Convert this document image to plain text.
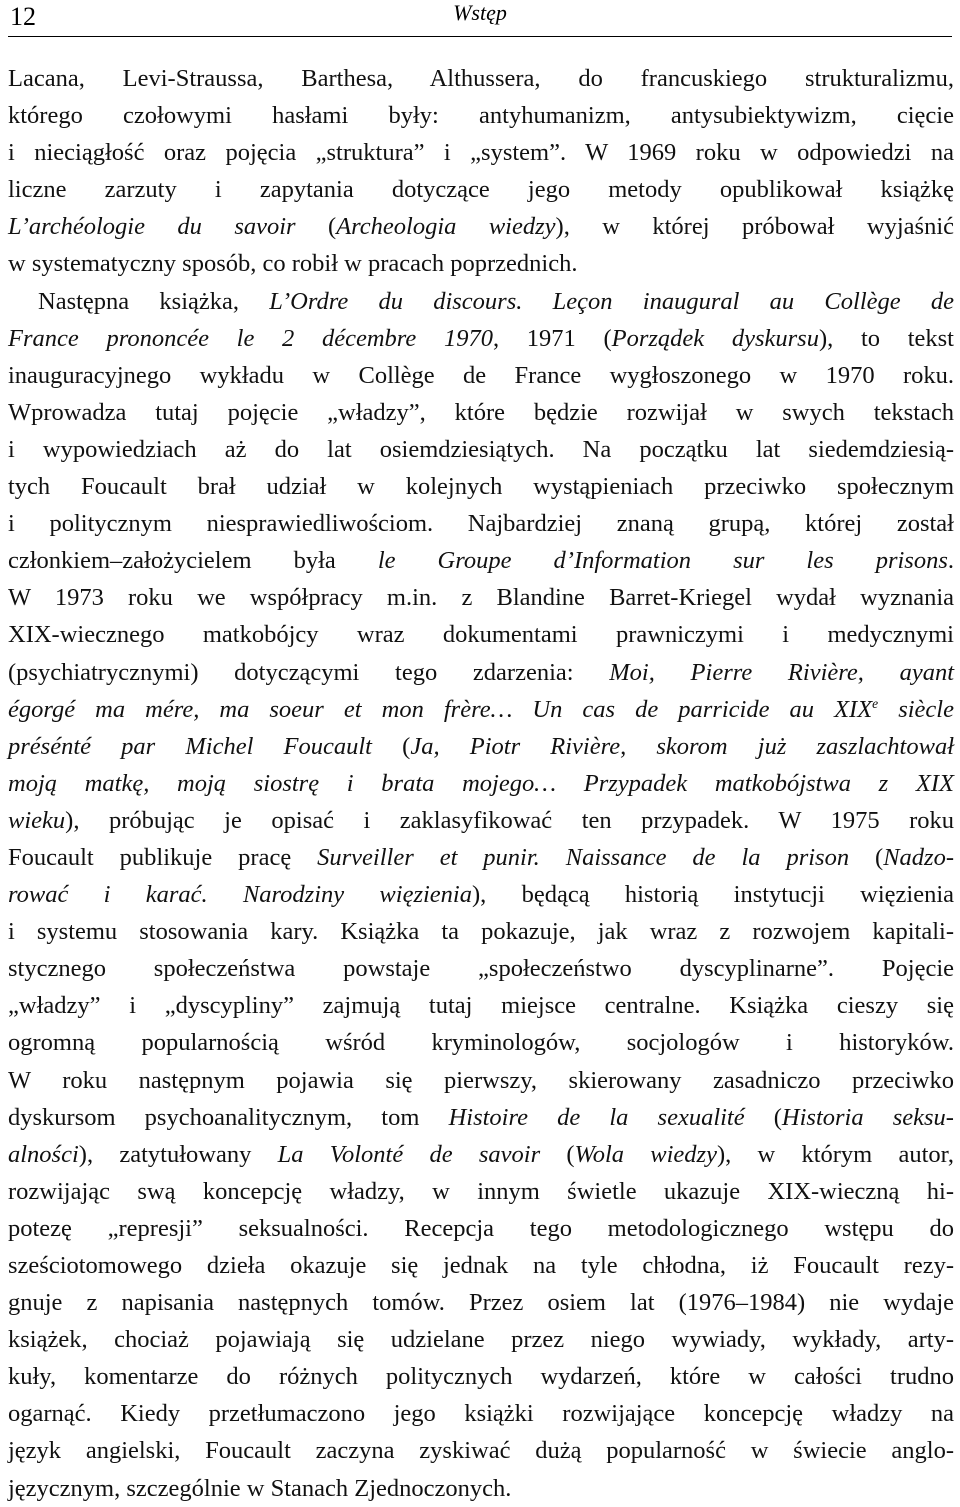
12	Wstęp
Lacana, Levi-Straussa, Barthesa, Althussera, do francuskiego strukturalizmu,
którego czołowymi hasłami były: antyhumanizm, antysubiektywizm, cięcie
i nieciągłość oraz pojęcia „struktura” i „system”. W 1969 roku w odpowiedzi na
liczne zarzuty i zapytania dotyczące jego metody opublikował książkę
L’archéologie du savoir (Archeologia wiedzy), w której próbował wyjaśnić
w systematyczny sposób, co robił w pracach poprzednich.
Następna książka, L’Ordre du discours. Leçon inaugural au Collège de
France prononcée le 2 décembre 1970, 1971 (Porządek dyskursu), to tekst
inauguracyjnego wykładu w Collège de France wygłoszonego w 1970 roku.
Wprowadza tutaj pojęcie „władzy”, które będzie rozwijał w swych tekstach
i wypowiedziach aż do lat osiemdziesiątych. Na początku lat siedemdziesią-
tych Foucault brał udział w kolejnych wystąpieniach przeciwko społecznym
i politycznym niesprawiedliwościom. Najbardziej znaną grupą, której został
członkiem–założycielem była le Groupe d’Information sur les prisons.
W 1973 roku we współpracy m.in. z Blandine Barret-Kriegel wydał wyznania
XIX-wiecznego matkobójcy wraz dokumentami prawniczymi i medycznymi
(psychiatrycznymi) dotyczącymi tego zdarzenia: Moi, Pierre Rivière, ayant
égorgé ma mére, ma soeur et mon frère… Un cas de parricide au XIXe siècle
présénté par Michel Foucault (Ja, Piotr Rivière, skorom już zaszlachtował
moją matkę, moją siostrę i brata mojego… Przypadek matkobójstwa z XIX
wieku), próbując je opisać i zaklasyfikować ten przypadek. W 1975 roku
Foucault publikuje pracę Surveiller et punir. Naissance de la prison (Nadzo-
rować i karać. Narodziny więzienia), będącą historią instytucji więzienia
i systemu stosowania kary. Książka ta pokazuje, jak wraz z rozwojem kapitali-
stycznego społeczeństwa powstaje „społeczeństwo dyscyplinarne”. Pojęcie
„władzy” i „dyscypliny” zajmują tutaj miejsce centralne. Książka cieszy się
ogromną popularnością wśród kryminologów, socjologów i historyków.
W roku następnym pojawia się pierwszy, skierowany zasadniczo przeciwko
dyskursom psychoanalitycznym, tom Histoire de la sexualité (Historia seksu-
alności), zatytułowany La Volonté de savoir (Wola wiedzy), w którym autor,
rozwijając swą koncepcję władzy, w innym świetle ukazuje XIX-wieczną hi-
potezę „represji” seksualności. Recepcja tego metodologicznego wstępu do
sześciotomowego dzieła okazuje się jednak na tyle chłodna, iż Foucault rezy-
gnuje z napisania następnych tomów. Przez osiem lat (1976–1984) nie wydaje
książek, chociaż pojawiają się udzielane przez niego wywiady, wykłady, arty-
kuły, komentarze do różnych politycznych wydarzeń, które w całości trudno
ogarnąć. Kiedy przetłumaczono jego książki rozwijające koncepcję władzy na
język angielski, Foucault zaczyna zyskiwać dużą popularność w świecie anglo-
języcznym, szczególnie w Stanach Zjednoczonych.
